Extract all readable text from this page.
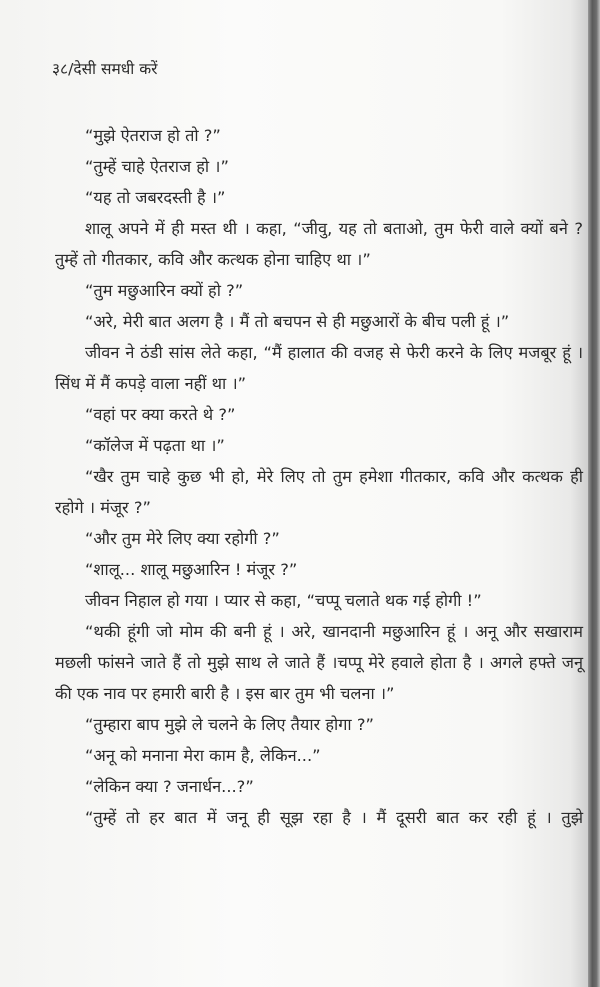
३८/देसी समधी करें

“मुझे ऐतराज हो तो ?”

“तुम्हें चाहे ऐतराज हो ।”

“यह तो जबरदस्ती है ।”

शालू अपने में ही मस्त थी । कहा, “जीवु, यह तो बताओ, तुम फेरी वाले क्यों बने ? तुम्हें तो गीतकार, कवि और कत्थक होना चाहिए था ।”

“तुम मछुआरिन क्यों हो ?”

“अरे, मेरी बात अलग है । मैं तो बचपन से ही मछुआरों के बीच पली हूं ।”

जीवन ने ठंडी सांस लेते कहा, “मैं हालात की वजह से फेरी करने के लिए मजबूर हूं । सिंध में मैं कपड़े वाला नहीं था ।”

“वहां पर क्या करते थे ?”

“कॉलेज में पढ़ता था ।”

“खैर तुम चाहे कुछ भी हो, मेरे लिए तो तुम हमेशा गीतकार, कवि और कत्थक ही रहोगे । मंजूर ?”

“और तुम मेरे लिए क्या रहोगी ?”

“शालू... शालू मछुआरिन ! मंजूर ?”

जीवन निहाल हो गया । प्यार से कहा, “चप्पू चलाते थक गई होगी !”

“थकी हूंगी जो मोम की बनी हूं । अरे, खानदानी मछुआरिन हूं । अनू और सखाराम मछली फांसने जाते हैं तो मुझे साथ ले जाते हैं ।चप्पू मेरे हवाले होता है । अगले हफ्ते जनू की एक नाव पर हमारी बारी है । इस बार तुम भी चलना ।”

“तुम्हारा बाप मुझे ले चलने के लिए तैयार होगा ?”

“अनू को मनाना मेरा काम है, लेकिन...”

“लेकिन क्या ? जनार्धन...?”

“तुम्हें तो हर बात में जनू ही सूझ रहा है । मैं दूसरी बात कर रही हूं । तुझे
